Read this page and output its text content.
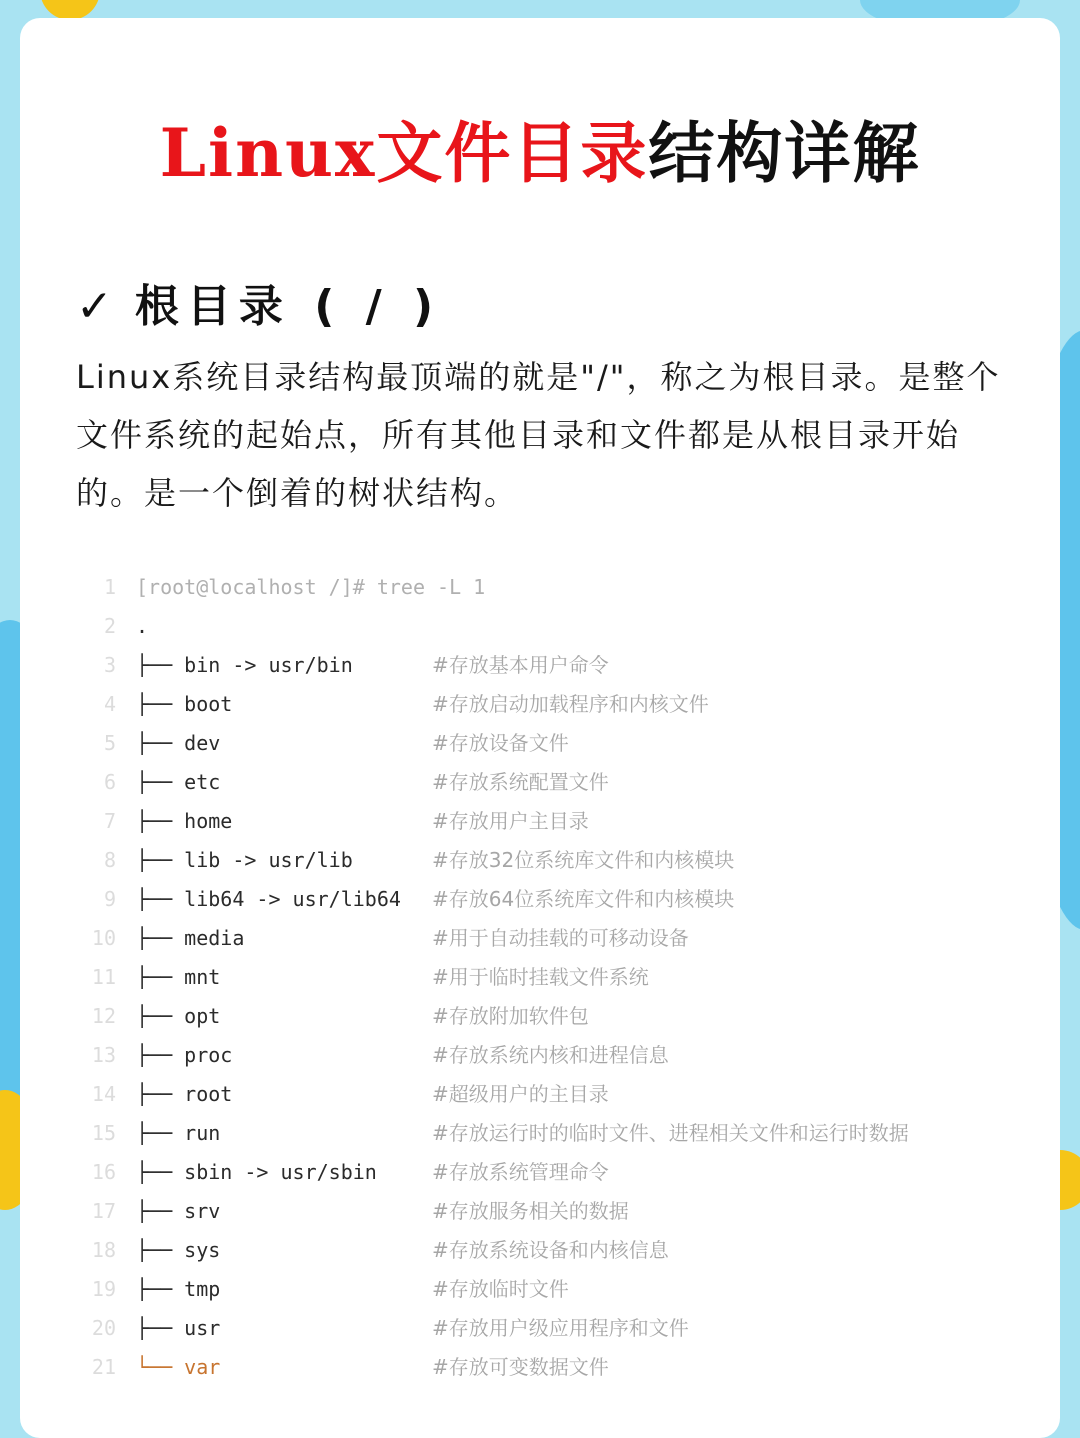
Linux文件目录结构详解
✓ 根目录 ( / )
Linux系统目录结构最顶端的就是"/"，称之为根目录。是整个文件系统的起始点，所有其他目录和文件都是从根目录开始的。是一个倒着的树状结构。
1 [root@localhost /]# tree -L 1
2 .
3 ├── bin -> usr/bin	#存放基本用户命令
4 ├── boot	#存放启动加载程序和内核文件
5 ├── dev	#存放设备文件
6 ├── etc	#存放系统配置文件
7 ├── home	#存放用户主目录
8 ├── lib -> usr/lib	#存放32位系统库文件和内核模块
9 ├── lib64 -> usr/lib64 #存放64位系统库文件和内核模块
10 ├── media	#用于自动挂载的可移动设备
11 ├── mnt	#用于临时挂载文件系统
12 ├── opt	#存放附加软件包
13 ├── proc	#存放系统内核和进程信息
14 ├── root	#超级用户的主目录
15 ├── run	#存放运行时的临时文件、进程相关文件和运行时数据
16 ├── sbin -> usr/sbin	#存放系统管理命令
17 ├── srv	#存放服务相关的数据
18 ├── sys	#存放系统设备和内核信息
19 ├── tmp	#存放临时文件
20 ├── usr	#存放用户级应用程序和文件
21 └── var	#存放可变数据文件
